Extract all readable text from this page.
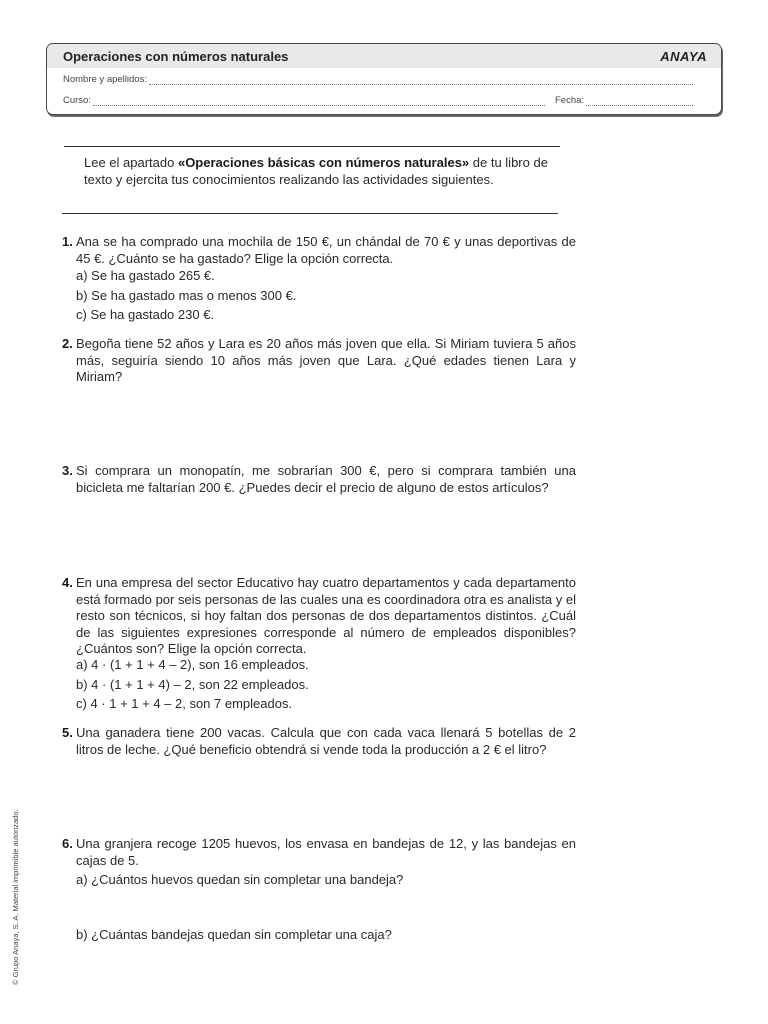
Operaciones con números naturales	ANAYA
Nombre y apellidos:
Curso:	Fecha:
Lee el apartado «Operaciones básicas con números naturales» de tu libro de texto y ejercita tus conocimientos realizando las actividades siguientes.
1. Ana se ha comprado una mochila de 150 €, un chándal de 70 € y unas deportivas de 45 €. ¿Cuánto se ha gastado? Elige la opción correcta.
a) Se ha gastado 265 €.
b) Se ha gastado mas o menos 300 €.
c) Se ha gastado 230 €.
2. Begoña tiene 52 años y Lara es 20 años más joven que ella. Si Miriam tuviera 5 años más, seguiría siendo 10 años más joven que Lara. ¿Qué edades tienen Lara y Miriam?
3. Si comprara un monopatín, me sobrarían 300 €, pero si comprara también una bicicleta me faltarían 200 €. ¿Puedes decir el precio de alguno de estos artículos?
4. En una empresa del sector Educativo hay cuatro departamentos y cada departamento está formado por seis personas de las cuales una es coordinadora otra es analista y el resto son técnicos, si hoy faltan dos personas de dos departamentos distintos. ¿Cuál de las siguientes expresiones corresponde al número de empleados disponibles? ¿Cuántos son? Elige la opción correcta.
a) 4 · (1 + 1 + 4 – 2), son 16 empleados.
b) 4 · (1 + 1 + 4) – 2, son 22 empleados.
c) 4 · 1 + 1 + 4 – 2, son 7 empleados.
5. Una ganadera tiene 200 vacas. Calcula que con cada vaca llenará 5 botellas de 2 litros de leche. ¿Qué beneficio obtendrá si vende toda la producción a 2 € el litro?
6. Una granjera recoge 1205 huevos, los envasa en bandejas de 12, y las bandejas en cajas de 5.
a) ¿Cuántos huevos quedan sin completar una bandeja?
b) ¿Cuántas bandejas quedan sin completar una caja?
© Grupo Anaya, S. A. Material imprimible autorizado.
